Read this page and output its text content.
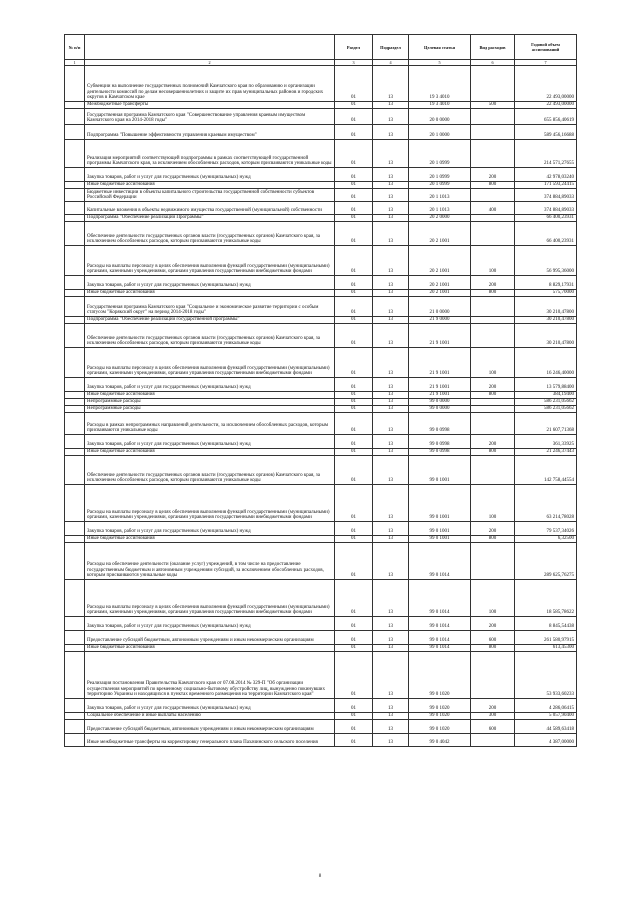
№ п/п		Раздел	Подраздел	Целевая статья	Вид расходов	Годовой объем ассигнований
1	2	3	4	5	6	7
	Субвенции на выполнение государственных полномочий Камчатского края по образованию и организации деятельности комиссий по делам несовершеннолетних и защите их прав муниципальных районов и городских округов в Камчатском крае	01	13	19 3 4010		22 493,00000
	Межбюджетные трансферты	01	13	19 3 4010	500	22 493,00000
	Государственная программа Камчатского края "Совершенствование управления краевым имуществом Камчатского края на 2014-2018 годы"	01	13	20 0 0000		655 856,40619
	Подпрограмма "Повышение эффективности управления краевым имуществом"	01	13	20 1 0000		589 456,16688
	Реализация мероприятий соответствующей подпрограммы в рамках соответствующей государственной программы Камчатского края, за исключением обособленных расходов, которым присваиваются уникальные коды	01	13	20 1 0999		214 571,27655
	Закупка товаров, работ и услуг для государственных (муниципальных) нужд	01	13	20 1 0999	200	42 978,03240
	Иные бюджетные ассигнования	01	13	20 1 0999	800	171 593,24415
	Бюджетные инвестиции в объекты капитального строительства государственной собственности субъектов Российской Федерации	01	13	20 1 1013		374 884,89033
	Капитальные вложения в объекты недвижимого имущества государственной (муниципальной) собственности	01	13	20 1 1013	400	374 884,89033
	Подпрограмма "Обеспечение реализации Программы"	01	13	20 2 0000		66 400,23931
	Обеспечение деятельности государственных органов власти (государственных органов) Камчатского края, за исключением обособленных расходов, которым присваиваются уникальные коды	01	13	20 2 1001		66 400,23931
	Расходы на выплаты персоналу в целях обеспечения выполнения функций государственными (муниципальными) органами, казенными учреждениями, органами управления государственными внебюджетными фондами	01	13	20 2 1001	100	56 995,36000
	Закупка товаров, работ и услуг для государственных (муниципальных) нужд	01	13	20 2 1001	200	8 829,17931
	Иные бюджетные ассигнования	01	13	20 2 1001	800	575,70000
	Государственная программа Камчатского края "Социальное и экономическое развитие территории с особым статусом "Корякский округ" на период 2014-2018 годы"	01	13	21 0 0000		30 210,47800
	Подпрограмма "Обеспечение реализации государственной программы"	01	13	21 9 0000		30 210,47800
	Обеспечение деятельности государственных органов власти (государственных органов) Камчатского края, за исключением обособленных расходов, которым присваиваются уникальные коды	01	13	21 9 1001		30 210,47800
	Расходы на выплаты персоналу в целях обеспечения выполнения функций государственными (муниципальными) органами, казенными учреждениями, органами управления государственными внебюджетными фондами	01	13	21 9 1001	100	16 246,40000
	Закупка товаров, работ и услуг для государственных (муниципальных) нужд	01	13	21 9 1001	200	13 579,88400
	Иные бюджетные ассигнования	01	13	21 9 1001	800	384,19400
	Непрограммные расходы	01	13	99 0 0000		586 231,05662
	Непрограммные расходы	01	13	99 0 0000		586 231,05662
	Расходы в рамках непрограммных направлений деятельности, за исключением обособленных расходов, которым присваиваются уникальные коды	01	13	99 0 0998		21 607,71368
	Закупка товаров, работ и услуг для государственных (муниципальных) нужд	01	13	99 0 0998	200	361,33925
	Иные бюджетные ассигнования	01	13	99 0 0998	800	21 246,37443
	Обеспечение деятельности государственных органов власти (государственных органов) Камчатского края, за исключением обособленных расходов, которым присваиваются уникальные коды	01	13	99 0 1001		142 758,44554
	Расходы на выплаты персоналу в целях обеспечения выполнения функций государственными (муниципальными) органами, казенными учреждениями, органами управления государственными внебюджетными фондами	01	13	99 0 1001	100	63 214,78028
	Закупка товаров, работ и услуг для государственных (муниципальных) нужд	01	13	99 0 1001	200	79 537,34026
	Иные бюджетные ассигнования	01	13	99 0 1001	800	6,32500
	Расходы на обеспечение деятельности (оказание услуг) учреждений, в том числе на предоставление государственным бюджетным и автономным учреждениям субсидий, за исключением обособленных расходов, которым присваиваются уникальные коды	01	13	99 0 1014		289 625,76275
	Расходы на выплаты персоналу в целях обеспечения выполнения функций государственными (муниципальными) органами, казенными учреждениями, органами управления государственными внебюджетными фондами	01	13	99 0 1014	100	18 585,78622
	Закупка товаров, работ и услуг для государственных (муниципальных) нужд	01	13	99 0 1014	200	8 845,54438
	Предоставление субсидий бюджетным, автономным учреждениям и иным некоммерческим организациям	01	13	99 0 1014	600	261 580,97915
	Иные бюджетные ассигнования	01	13	99 0 1014	800	613,45300
	Реализация постановления Правительства Камчатского края от 07.08.2014 № 329-П "Об организации осуществления мероприятий по временному социально-бытовому обустройству лиц, вынужденно покинувших территорию Украины и находящихся в пунктах временного размещения на территории Камчатского края"	01	13	99 0 1020		53 933,60233
	Закупка товаров, работ и услуг для государственных (муниципальных) нужд	01	13	99 0 1020	200	4 286,06415
	Социальное обеспечение и иные выплаты населению	01	13	99 0 1020	300	5 057,90400
	Предоставление субсидий бюджетным, автономным учреждениям и иным некоммерческим организациям	01	13	99 0 1020	600	44 589,63418
	Иные межбюджетные трансферты на корректировку генерального плана Пахачинского сельского поселения	01	13	99 0 4042		4 387,00000
8
